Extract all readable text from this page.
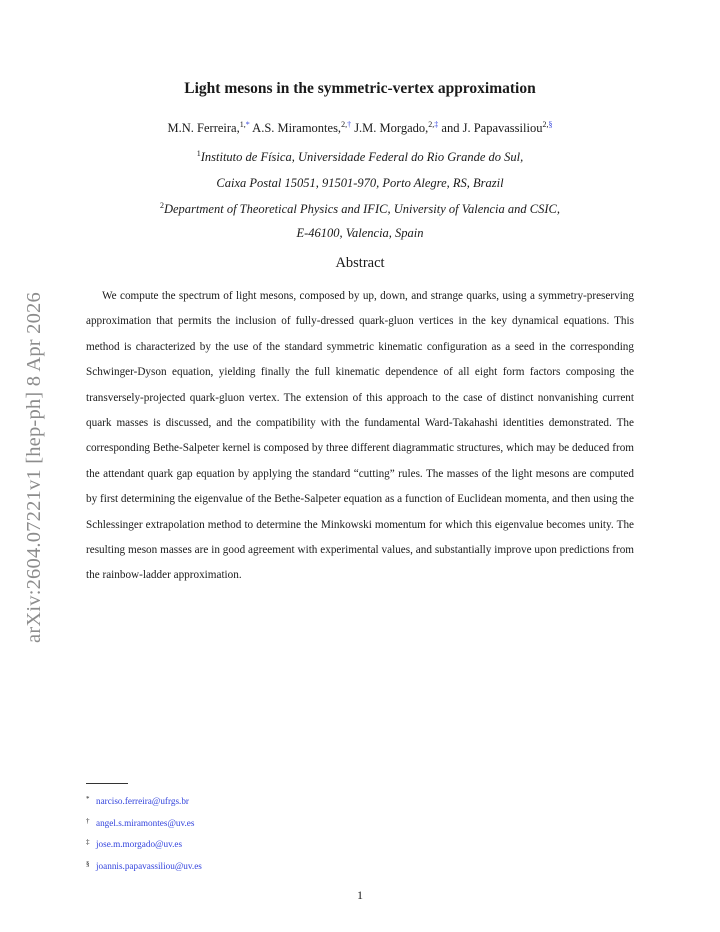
arXiv:2604.07221v1 [hep-ph] 8 Apr 2026
Light mesons in the symmetric-vertex approximation
M.N. Ferreira,$^{1,*}$ A.S. Miramontes,$^{2,\dagger}$ J.M. Morgado,$^{2,\ddagger}$ and J. Papavassiliou$^{2,\S}$
$^1$Instituto de Física, Universidade Federal do Rio Grande do Sul,
Caixa Postal 15051, 91501-970, Porto Alegre, RS, Brazil
$^2$Department of Theoretical Physics and IFIC, University of Valencia and CSIC,
E-46100, Valencia, Spain
Abstract

We compute the spectrum of light mesons, composed by up, down, and strange quarks, using a symmetry-preserving approximation that permits the inclusion of fully-dressed quark-gluon vertices in the key dynamical equations. This method is characterized by the use of the standard symmetric kinematic configuration as a seed in the corresponding Schwinger-Dyson equation, yielding finally the full kinematic dependence of all eight form factors composing the transversely-projected quark-gluon vertex. The extension of this approach to the case of distinct nonvanishing current quark masses is discussed, and the compatibility with the fundamental Ward-Takahashi identities demonstrated. The corresponding Bethe-Salpeter kernel is composed by three different diagrammatic structures, which may be deduced from the attendant quark gap equation by applying the standard “cutting” rules. The masses of the light mesons are computed by first determining the eigenvalue of the Bethe-Salpeter equation as a function of Euclidean momenta, and then using the Schlessinger extrapolation method to determine the Minkowski momentum for which this eigenvalue becomes unity. The resulting meson masses are in good agreement with experimental values, and substantially improve upon predictions from the rainbow-ladder approximation.

* narciso.ferreira@ufrgs.br
† angel.s.miramontes@uv.es
‡ jose.m.morgado@uv.es
§ joannis.papavassiliou@uv.es
1
